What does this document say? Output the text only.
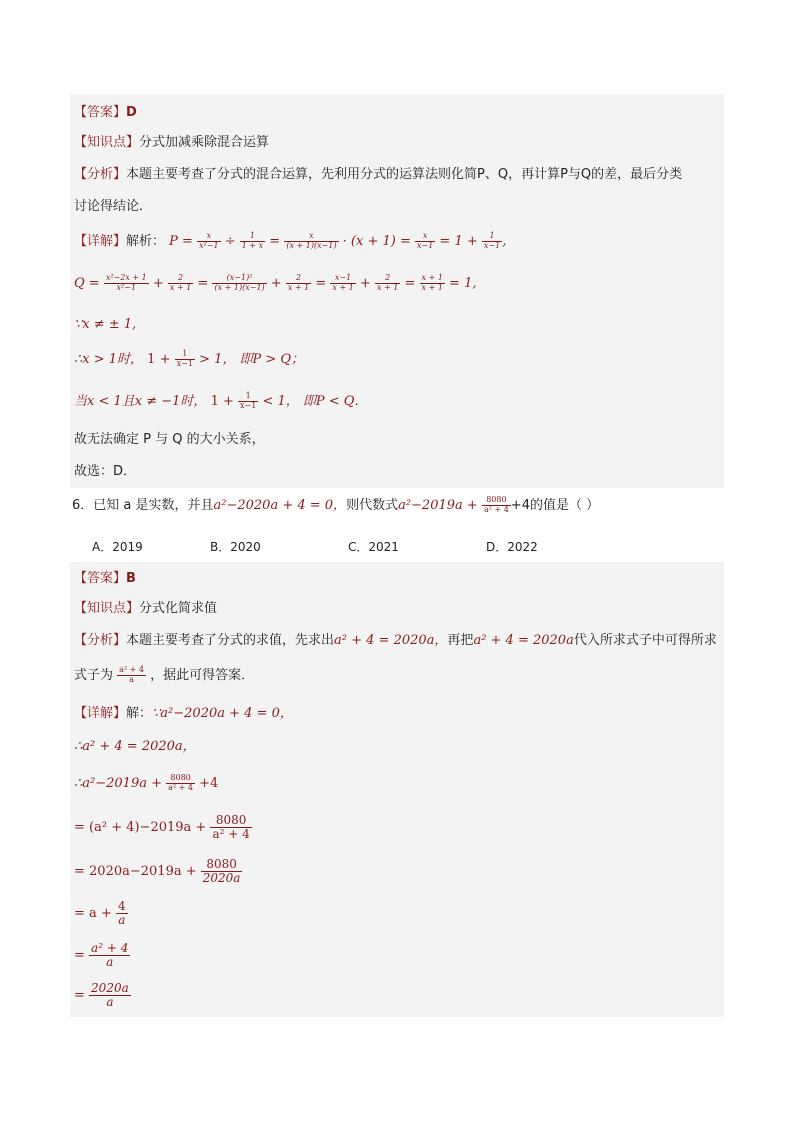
【答案】D
【知识点】分式加减乘除混合运算
【分析】本题主要考查了分式的混合运算，先利用分式的运算法则化简P、Q，再计算P与Q的差，最后分类
讨论得结论．
【详解】解析： $P = \frac{x}{\text{x²−1}} \div \frac{1}{1 + x} = \frac{x}{(x + 1)(x-1)} \cdot (x + 1) = \frac{x}{x-1} = 1 + \frac{1}{x-1}$ ,
$Q = \frac{\text{x²−2x + 1}}{\text{x²−1}} + \frac{2}{x + 1} = \frac{\text{(x−1)²}}{(x + 1)(x-1)} + \frac{2}{x + 1} = \frac{x-1}{x + 1} + \frac{2}{x + 1} = \frac{x + 1}{x + 1} = 1$,
∵x ≠ ± 1,
∴x > 1时， $1 + \frac{1}{x-1} > 1$， 即P > Q；
当x < 1且x ≠ −1时， $1 + \frac{1}{x-1} < 1$， 即P < Q．
故无法确定 P 与 Q 的大小关系，
故选：D．
6．已知 a 是实数，并且a²−2020a + 4 = 0，则代数式$a^2-2019a + \frac{8080}{\text{a² + 4}} +4$的值是（ ）
A．2019	B．2020	C．2021	D．2022
【答案】B
【知识点】分式化简求值
【分析】本题主要考查了分式的求值，先求出a² + 4 = 2020a，再把a² + 4 = 2020a代入所求式子中可得所求
式子为 $\frac{\text{a² + 4}}{a}$ ，据此可得答案．
【详解】解：∵a²−2020a + 4 = 0，
∴a² + 4 = 2020a，
∴a²−2019a + $\frac{8080}{\text{a² + 4}} +4$
= $(a^2 + 4)-2019a + \frac{8080}{\text{a² + 4}}$
= $2020a-2019a + \frac{8080}{2020a}$
= $a + \frac{4}{a}$
= $\frac{\text{a² + 4}}{a}$
= $\frac{2020a}{a}$
